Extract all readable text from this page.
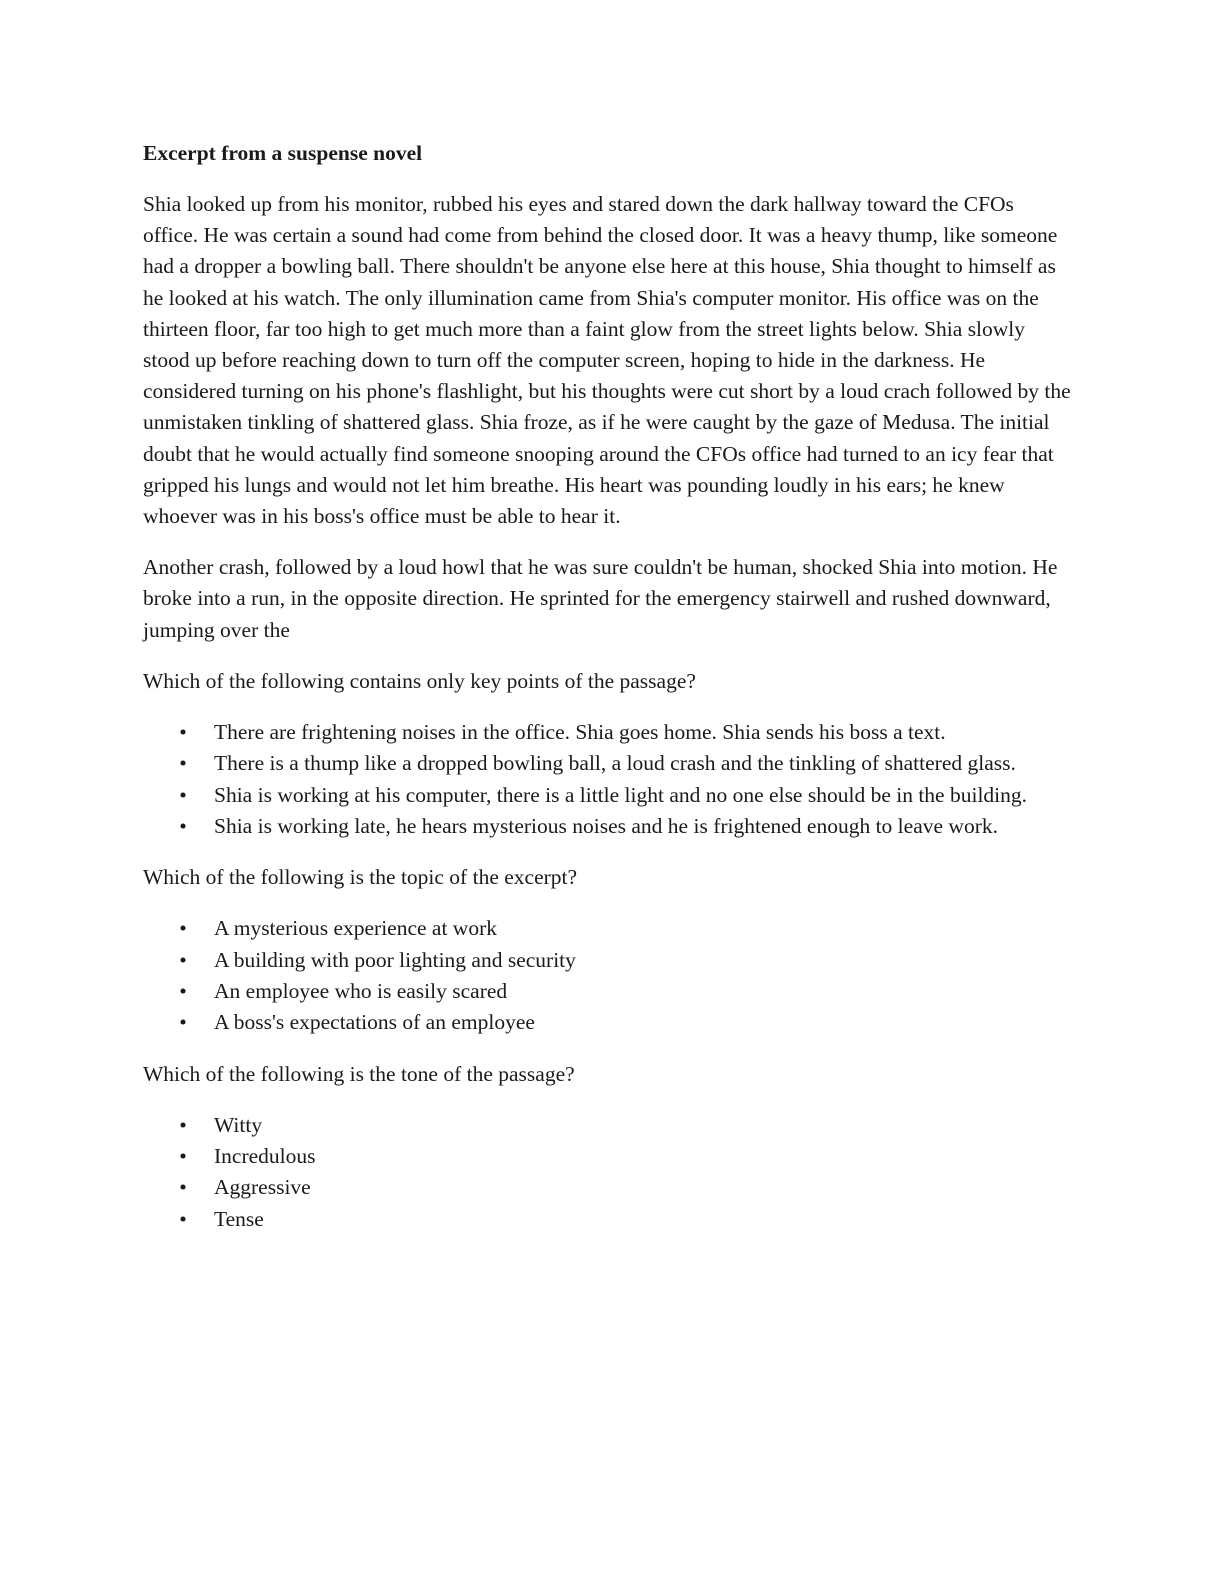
Excerpt from a suspense novel
Shia looked up from his monitor, rubbed his eyes and stared down the dark hallway toward the CFOs office. He was certain a sound had come from behind the closed door. It was a heavy thump, like someone had a dropper a bowling ball. There shouldn't be anyone else here at this house, Shia thought to himself as he looked at his watch. The only illumination came from Shia's computer monitor. His office was on the thirteen floor, far too high to get much more than a faint glow from the street lights below. Shia slowly stood up before reaching down to turn off the computer screen, hoping to hide in the darkness. He considered turning on his phone's flashlight, but his thoughts were cut short by a loud crach followed by the unmistaken tinkling of shattered glass. Shia froze, as if he were caught by the gaze of Medusa. The initial doubt that he would actually find someone snooping around the CFOs office had turned to an icy fear that gripped his lungs and would not let him breathe. His heart was pounding loudly in his ears; he knew whoever was in his boss's office must be able to hear it.
Another crash, followed by a loud howl that he was sure couldn't be human, shocked Shia into motion. He broke into a run, in the opposite direction. He sprinted for the emergency stairwell and rushed downward, jumping over the
Which of the following contains only key points of the passage?
• There are frightening noises in the office. Shia goes home. Shia sends his boss a text.
• There is a thump like a dropped bowling ball, a loud crash and the tinkling of shattered glass.
• Shia is working at his computer, there is a little light and no one else should be in the building.
• Shia is working late, he hears mysterious noises and he is frightened enough to leave work.
Which of the following is the topic of the excerpt?
• A mysterious experience at work
• A building with poor lighting and security
• An employee who is easily scared
• A boss's expectations of an employee
Which of the following is the tone of the passage?
• Witty
• Incredulous
• Aggressive
• Tense
